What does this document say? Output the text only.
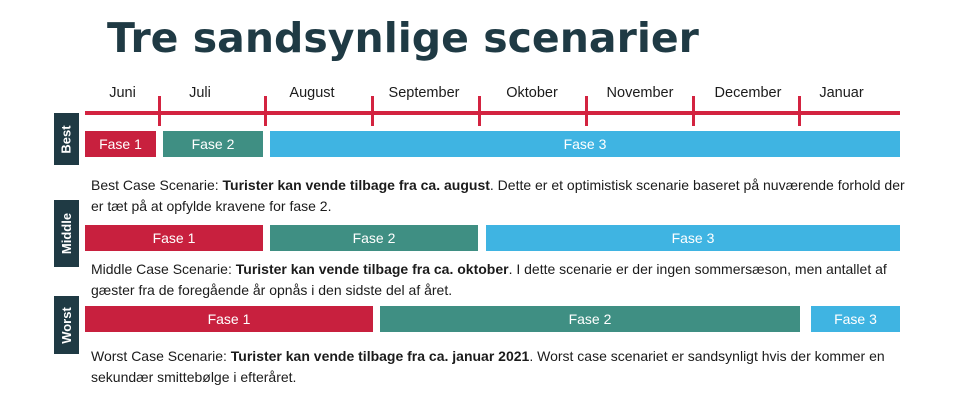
Tre sandsynlige scenarier
Juni	Juli	August	September	Oktober	November	December	Januar
Best	Fase 1	Fase 2	Fase 3

Best Case Scenarie: Turister kan vende tilbage fra ca. august. Dette er et optimistisk scenarie baseret på nuværende forhold der er tæt på at opfylde kravene for fase 2.

Middle	Fase 1	Fase 2	Fase 3

Middle Case Scenarie: Turister kan vende tilbage fra ca. oktober. I dette scenarie er der ingen sommersæson, men antallet af gæster fra de foregående år opnås i den sidste del af året.

Worst	Fase 1	Fase 2	Fase 3

Worst Case Scenarie: Turister kan vende tilbage fra ca. januar 2021. Worst case scenariet er sandsynligt hvis der kommer en sekundær smittebølge i efteråret.
